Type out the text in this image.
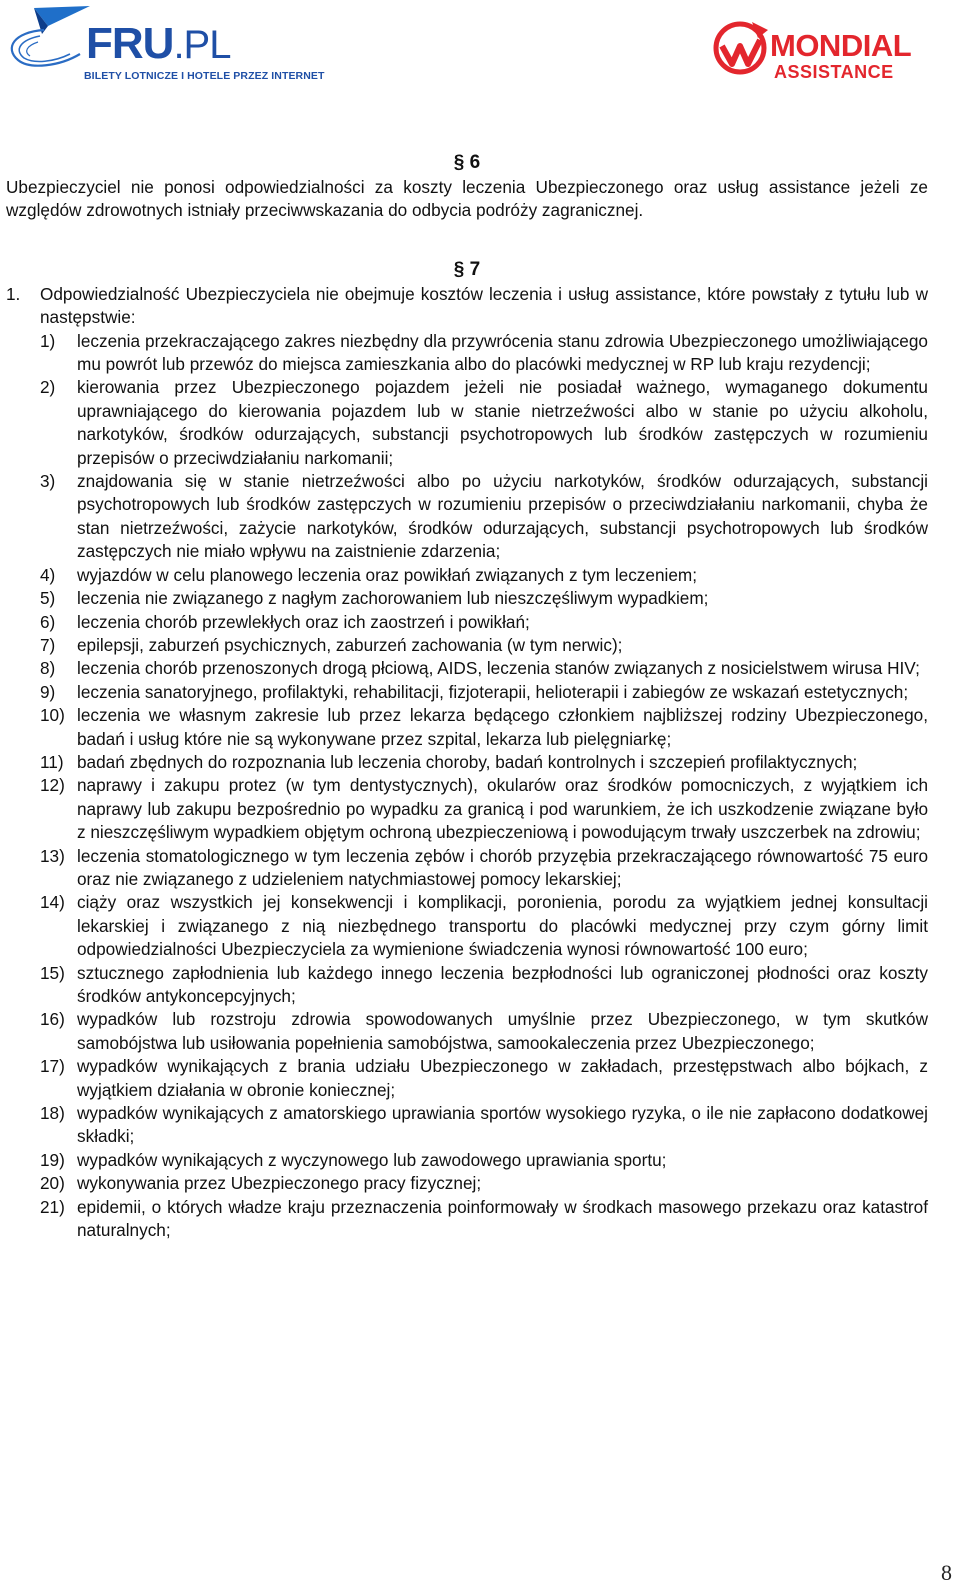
FRU.PL
BILETY LOTNICZE I HOTELE PRZEZ INTERNET
MONDIAL
ASSISTANCE
§ 6
Ubezpieczyciel nie ponosi odpowiedzialności za koszty leczenia Ubezpieczonego oraz usług assistance jeżeli ze względów zdrowotnych istniały przeciwwskazania do odbycia podróży zagranicznej.
§ 7
1.	Odpowiedzialność Ubezpieczyciela nie obejmuje kosztów leczenia i usług assistance, które powstały z tytułu lub w następstwie:
1)	leczenia przekraczającego zakres niezbędny dla przywrócenia stanu zdrowia Ubezpieczonego umożliwiającego mu powrót lub przewóz do miejsca zamieszkania albo do placówki medycznej w RP lub kraju rezydencji;
2)	kierowania przez Ubezpieczonego pojazdem jeżeli nie posiadał ważnego, wymaganego dokumentu uprawniającego do kierowania pojazdem lub w stanie nietrzeźwości albo w stanie po użyciu alkoholu, narkotyków, środków odurzających, substancji psychotropowych lub środków zastępczych w rozumieniu przepisów o przeciwdziałaniu narkomanii;
3)	znajdowania się w stanie nietrzeźwości albo po użyciu narkotyków, środków odurzających, substancji psychotropowych lub środków zastępczych w rozumieniu przepisów o przeciwdziałaniu narkomanii, chyba że stan nietrzeźwości, zażycie narkotyków, środków odurzających, substancji psychotropowych lub środków zastępczych nie miało wpływu na zaistnienie zdarzenia;
4)	wyjazdów w celu planowego leczenia oraz powikłań związanych z tym leczeniem;
5)	leczenia nie związanego z nagłym zachorowaniem lub nieszczęśliwym wypadkiem;
6)	leczenia chorób przewlekłych oraz ich zaostrzeń i powikłań;
7)	epilepsji, zaburzeń psychicznych, zaburzeń zachowania (w tym nerwic);
8)	leczenia chorób przenoszonych drogą płciową, AIDS, leczenia stanów związanych z nosicielstwem wirusa HIV;
9)	leczenia sanatoryjnego, profilaktyki, rehabilitacji, fizjoterapii, helioterapii i zabiegów ze wskazań estetycznych;
10) leczenia we własnym zakresie lub przez lekarza będącego członkiem najbliższej rodziny Ubezpieczonego, badań i usług które nie są wykonywane przez szpital, lekarza lub pielęgniarkę;
11) badań zbędnych do rozpoznania lub leczenia choroby, badań kontrolnych i szczepień profilaktycznych;
12) naprawy i zakupu protez (w tym dentystycznych), okularów oraz środków pomocniczych, z wyjątkiem ich naprawy lub zakupu bezpośrednio po wypadku za granicą i pod warunkiem, że ich uszkodzenie związane było z nieszczęśliwym wypadkiem objętym ochroną ubezpieczeniową i powodującym trwały uszczerbek na zdrowiu;
13) leczenia stomatologicznego w tym leczenia zębów i chorób przyzębia przekraczającego równowartość 75 euro oraz nie związanego z udzieleniem natychmiastowej pomocy lekarskiej;
14) ciąży oraz wszystkich jej konsekwencji i komplikacji, poronienia, porodu za wyjątkiem jednej konsultacji lekarskiej i związanego z nią niezbędnego transportu do placówki medycznej przy czym górny limit odpowiedzialności Ubezpieczyciela za wymienione świadczenia wynosi równowartość 100 euro;
15) sztucznego zapłodnienia lub każdego innego leczenia bezpłodności lub ograniczonej płodności oraz koszty środków antykoncepcyjnych;
16) wypadków lub rozstroju zdrowia spowodowanych umyślnie przez Ubezpieczonego, w tym skutków samobójstwa lub usiłowania popełnienia samobójstwa, samookaleczenia przez Ubezpieczonego;
17) wypadków wynikających z brania udziału Ubezpieczonego w zakładach, przestępstwach albo bójkach, z wyjątkiem działania w obronie koniecznej;
18) wypadków wynikających z amatorskiego uprawiania sportów wysokiego ryzyka, o ile nie zapłacono dodatkowej składki;
19) wypadków wynikających z wyczynowego lub zawodowego uprawiania sportu;
20) wykonywania przez Ubezpieczonego pracy fizycznej;
21) epidemii, o których władze kraju przeznaczenia poinformowały w środkach masowego przekazu oraz katastrof naturalnych;
8
